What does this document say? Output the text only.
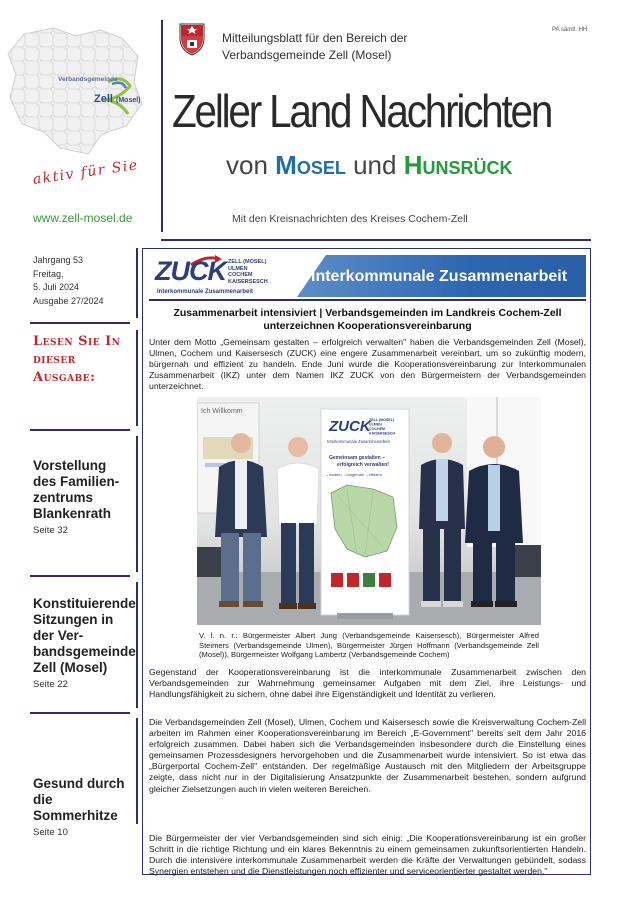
Verbandsgemeinde
Zell (Mosel)
aktiv für Sie
www.zell-mosel.de
Mitteilungsblatt für den Bereich der
Verbandsgemeinde Zell (Mosel)
PA sämtl. HH
Zeller Land Nachrichten
von Mosel und Hunsrück
Mit den Kreisnachrichten des Kreises Cochem-Zell
Jahrgang 53
Freitag,
5. Juli 2024
Ausgabe 27/2024
Lesen Sie In
dieser
Ausgabe:
Vorstellung des Familien-zentrums Blankenrath
Seite 32
Konstituierende Sitzungen in der Ver-bandsgemeinde Zell (Mosel)
Seite 22
Gesund durch die Sommerhitze
Seite 10
ZUCK ZELL (MOSEL)
ULMEN
COCHEM
KAISERSESCH
Interkommunale Zusammenarbeit
Interkommunale Zusammenarbeit
Zusammenarbeit intensiviert | Verbandsgemeinden im Landkreis Cochem-Zell
unterzeichnen Kooperationsvereinbarung

Unter dem Motto „Gemeinsam gestalten – erfolgreich verwalten" haben die Verbandsgemeinden Zell (Mosel), Ulmen, Cochem und Kaisersesch (ZUCK) eine engere Zusammenarbeit vereinbart, um so zukünftig modern, bürgernah und effizient zu handeln. Ende Juni wurde die Kooperationsvereinbarung zur Interkommunalen Zusammenarbeit (IKZ) unter dem Namen IKZ ZUCK von den Bürgermeistern der Verbandsgemeinden unterzeichnet.

Ich Willkomm
ZUCK
ZELL (MOSEL)
ULMEN
COCHEM
KAISERSESCH
Interkommunale Zusammenarbeit
Gemeinsam gestalten –
erfolgreich verwalten!
→modern →bürgernah →effizient

V. l. n. r.: Bürgermeister Albert Jung (Verbandsgemeinde Kaisersesch), Bürgermeister Alfred Steimers (Verbandsgemeinde Ulmen), Bürgermeister Jürgen Hoffmann (Verbandsgemeinde Zell (Mosel)), Bürgermeister Wolfgang Lambertz (Verbandsgemeinde Cochem)

Gegenstand der Kooperationsvereinbarung ist die interkommunale Zusammenarbeit zwischen den Verbandsgemeinden zur Wahrnehmung gemeinsamer Aufgaben mit dem Ziel, ihre Leistungs- und Handlungsfähigkeit zu sichern, ohne dabei ihre Eigenständigkeit und Identität zu verlieren.

Die Verbandsgemeinden Zell (Mosel), Ulmen, Cochem und Kaisersesch sowie die Kreisverwaltung Cochem-Zell arbeiten im Rahmen einer Kooperationsvereinbarung im Bereich „E-Government" bereits seit dem Jahr 2016 erfolgreich zusammen. Dabei haben sich die Verbandsgemeinden insbesondere durch die Einstellung eines gemeinsamen Prozessdesigners hervorgehoben und die Zusammenarbeit wurde intensiviert. So ist etwa das „Bürgerportal Cochem-Zell" entstanden. Der regelmäßige Austausch mit den Mitgliedern der Arbeitsgruppe zeigte, dass nicht nur in der Digitalisierung Ansatzpunkte der Zusammenarbeit bestehen, sondern aufgrund gleicher Zielsetzungen auch in vielen weiteren Bereichen.

Die Bürgermeister der vier Verbandsgemeinden sind sich einig: „Die Kooperationsvereinbarung ist ein großer Schritt in die richtige Richtung und ein klares Bekenntnis zu einem gemeinsamen zukunftsorientierten Handeln. Durch die intensivere interkommunale Zusammenarbeit werden die Kräfte der Verwaltungen gebündelt, sodass Synergien entstehen und die Dienstleistungen noch effizienter und serviceorientierter gestaltet werden."
